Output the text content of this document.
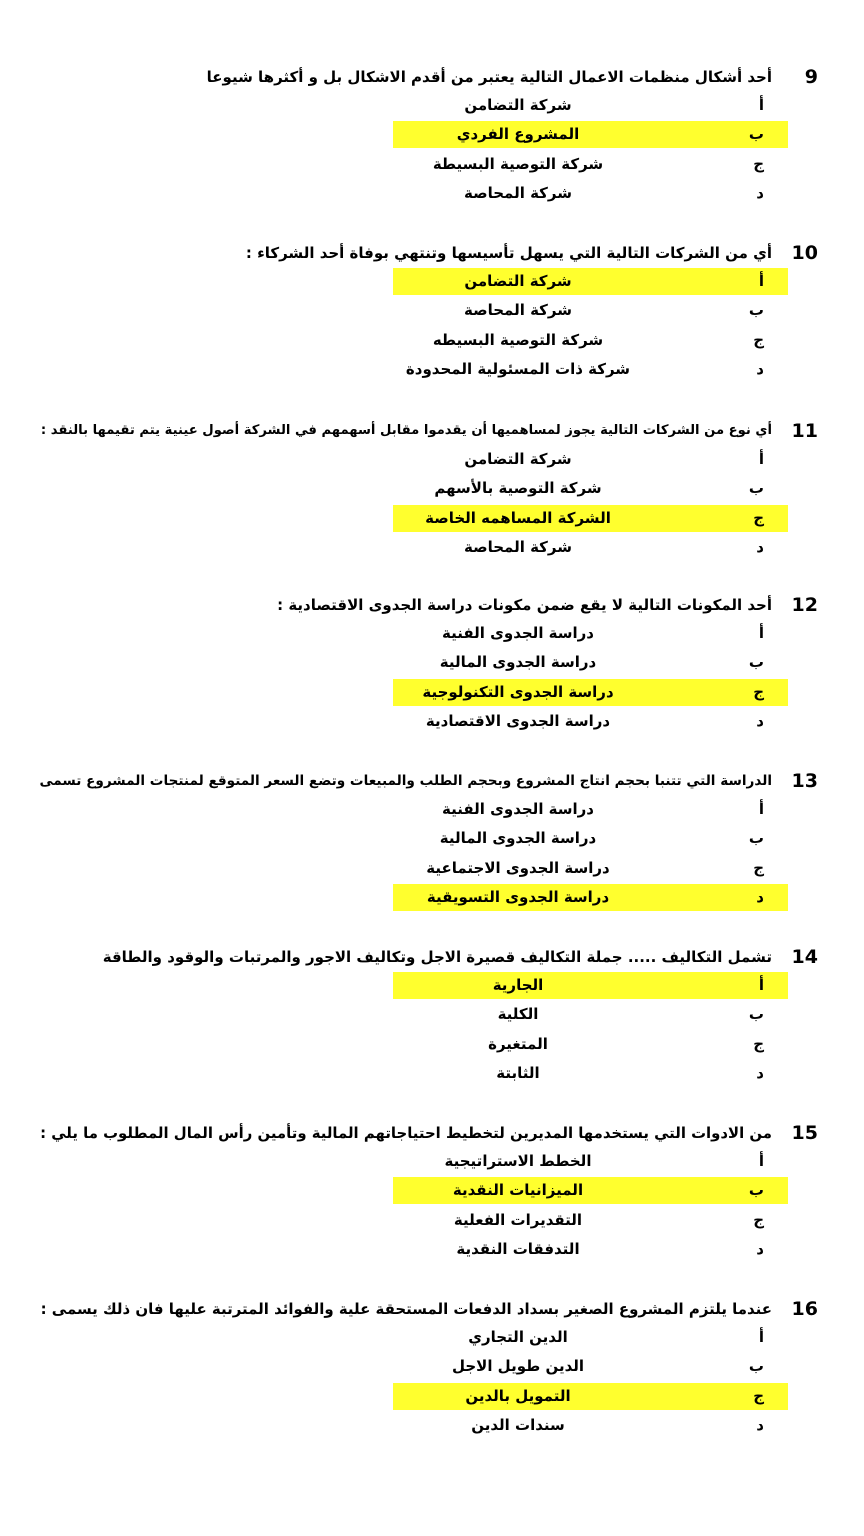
9
أحد أشكال منظمات الاعمال التالية يعتبر من أقدم الاشكال بل و أكثرها شيوعا
أ
شركة التضامن
ب
المشروع الفردي
ج
شركة التوصية البسيطة
د
شركة المحاصة
10
أي من الشركات التالية التي يسهل تأسيسها وتنتهي بوفاة أحد الشركاء :
أ
شركة التضامن
ب
شركة المحاصة
ج
شركة التوصية البسيطه
د
شركة ذات المسئولية المحدودة
11
أي نوع من الشركات التالية يجوز لمساهميها أن يقدموا مقابل أسهمهم في الشركة أصول عينية يتم تقيمها بالنقد :
أ
شركة التضامن
ب
شركة التوصية بالأسهم
ج
الشركة المساهمه الخاصة
د
شركة المحاصة
12
أحد المكونات التالية لا يقع ضمن مكونات دراسة الجدوى الاقتصادية :
أ
دراسة الجدوى الفنية
ب
دراسة الجدوى المالية
ج
دراسة الجدوى التكنولوجية
د
دراسة الجدوى الاقتصادية
13
الدراسة التي تتنبا بحجم انتاج المشروع وبحجم الطلب والمبيعات وتضع السعر المتوقع لمنتجات المشروع تسمى
أ
دراسة الجدوى الفنية
ب
دراسة الجدوى المالية
ج
دراسة الجدوى الاجتماعية
د
دراسة الجدوى التسويقية
14
تشمل التكاليف ..... جملة التكاليف قصيرة الاجل وتكاليف الاجور والمرتبات والوقود والطاقة
أ
الجارية
ب
الكلية
ج
المتغيرة
د
الثابتة
15
من الادوات التي يستخدمها المديرين لتخطيط احتياجاتهم المالية وتأمين رأس المال المطلوب ما يلي :
أ
الخطط الاستراتيجية
ب
الميزانيات النقدية
ج
التقديرات الفعلية
د
التدفقات النقدية
16
عندما يلتزم المشروع الصغير بسداد الدفعات المستحقة علية والفوائد المترتبة عليها فان ذلك يسمى :
أ
الدين التجاري
ب
الدين طويل الاجل
ج
التمويل بالدين
د
سندات الدين
